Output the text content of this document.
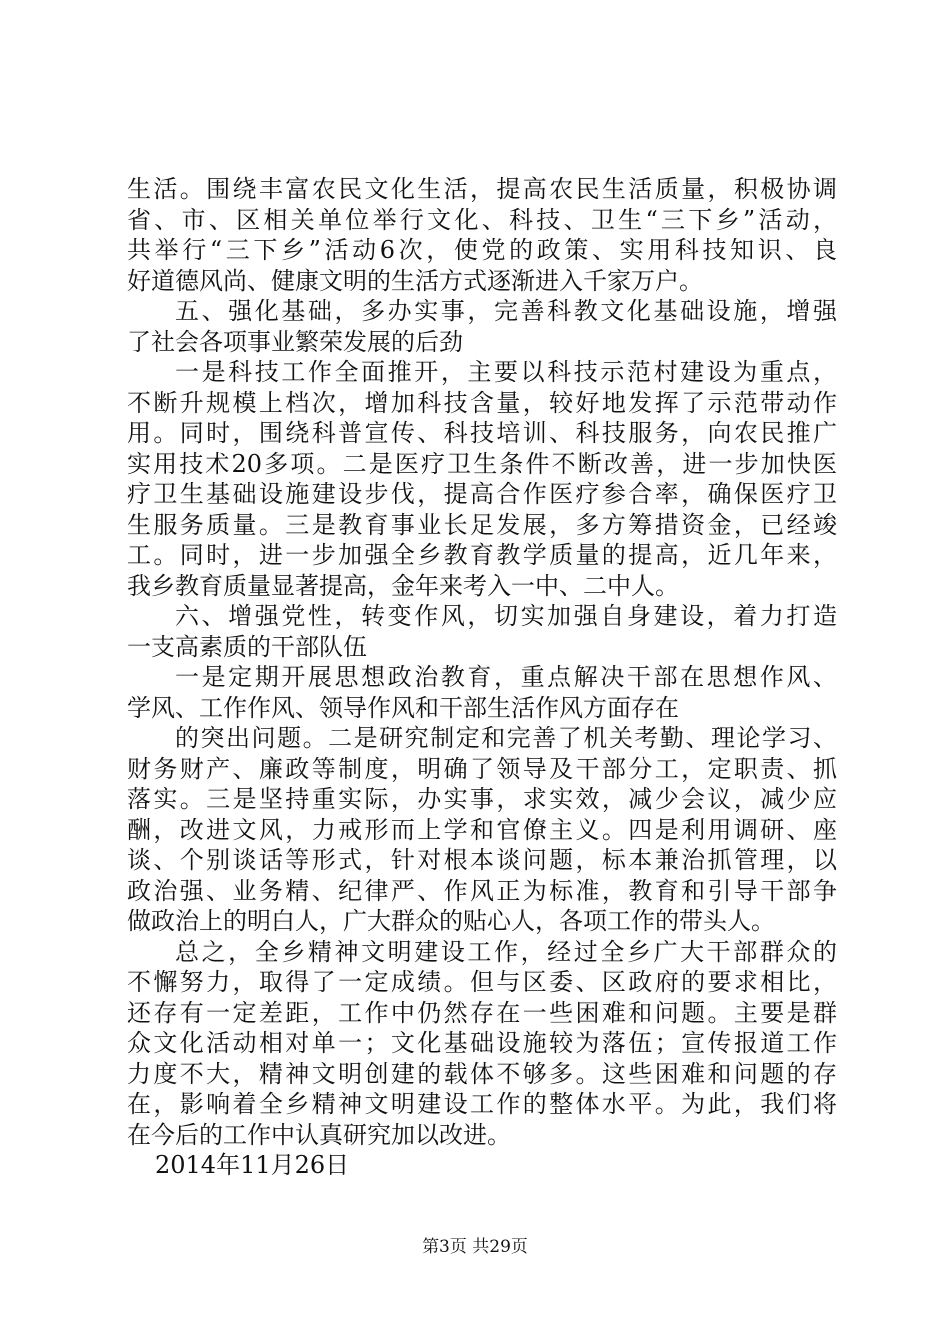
生活。围绕丰富农民文化生活，提高农民生活质量，积极协调
省、市、区相关单位举行文化、科技、卫生“三下乡”活动，
共举行“三下乡”活动6次，使党的政策、实用科技知识、良
好道德风尚、健康文明的生活方式逐渐进入千家万户。
五、强化基础，多办实事，完善科教文化基础设施，增强
了社会各项事业繁荣发展的后劲
一是科技工作全面推开，主要以科技示范村建设为重点，
不断升规模上档次，增加科技含量，较好地发挥了示范带动作
用。同时，围绕科普宣传、科技培训、科技服务，向农民推广
实用技术20多项。二是医疗卫生条件不断改善，进一步加快医
疗卫生基础设施建设步伐，提高合作医疗参合率，确保医疗卫
生服务质量。三是教育事业长足发展，多方筹措资金，已经竣
工。同时，进一步加强全乡教育教学质量的提高，近几年来，
我乡教育质量显著提高，金年来考入一中、二中人。
六、增强党性，转变作风，切实加强自身建设，着力打造
一支高素质的干部队伍
一是定期开展思想政治教育，重点解决干部在思想作风、
学风、工作作风、领导作风和干部生活作风方面存在
的突出问题。二是研究制定和完善了机关考勤、理论学习、
财务财产、廉政等制度，明确了领导及干部分工，定职责、抓
落实。三是坚持重实际，办实事，求实效，减少会议，减少应
酬，改进文风，力戒形而上学和官僚主义。四是利用调研、座
谈、个别谈话等形式，针对根本谈问题，标本兼治抓管理，以
政治强、业务精、纪律严、作风正为标准，教育和引导干部争
做政治上的明白人，广大群众的贴心人，各项工作的带头人。
总之，全乡精神文明建设工作，经过全乡广大干部群众的
不懈努力，取得了一定成绩。但与区委、区政府的要求相比，
还存有一定差距，工作中仍然存在一些困难和问题。主要是群
众文化活动相对单一；文化基础设施较为落伍；宣传报道工作
力度不大，精神文明创建的载体不够多。这些困难和问题的存
在，影响着全乡精神文明建设工作的整体水平。为此，我们将
在今后的工作中认真研究加以改进。
2014年11月26日
第3页 共29页
